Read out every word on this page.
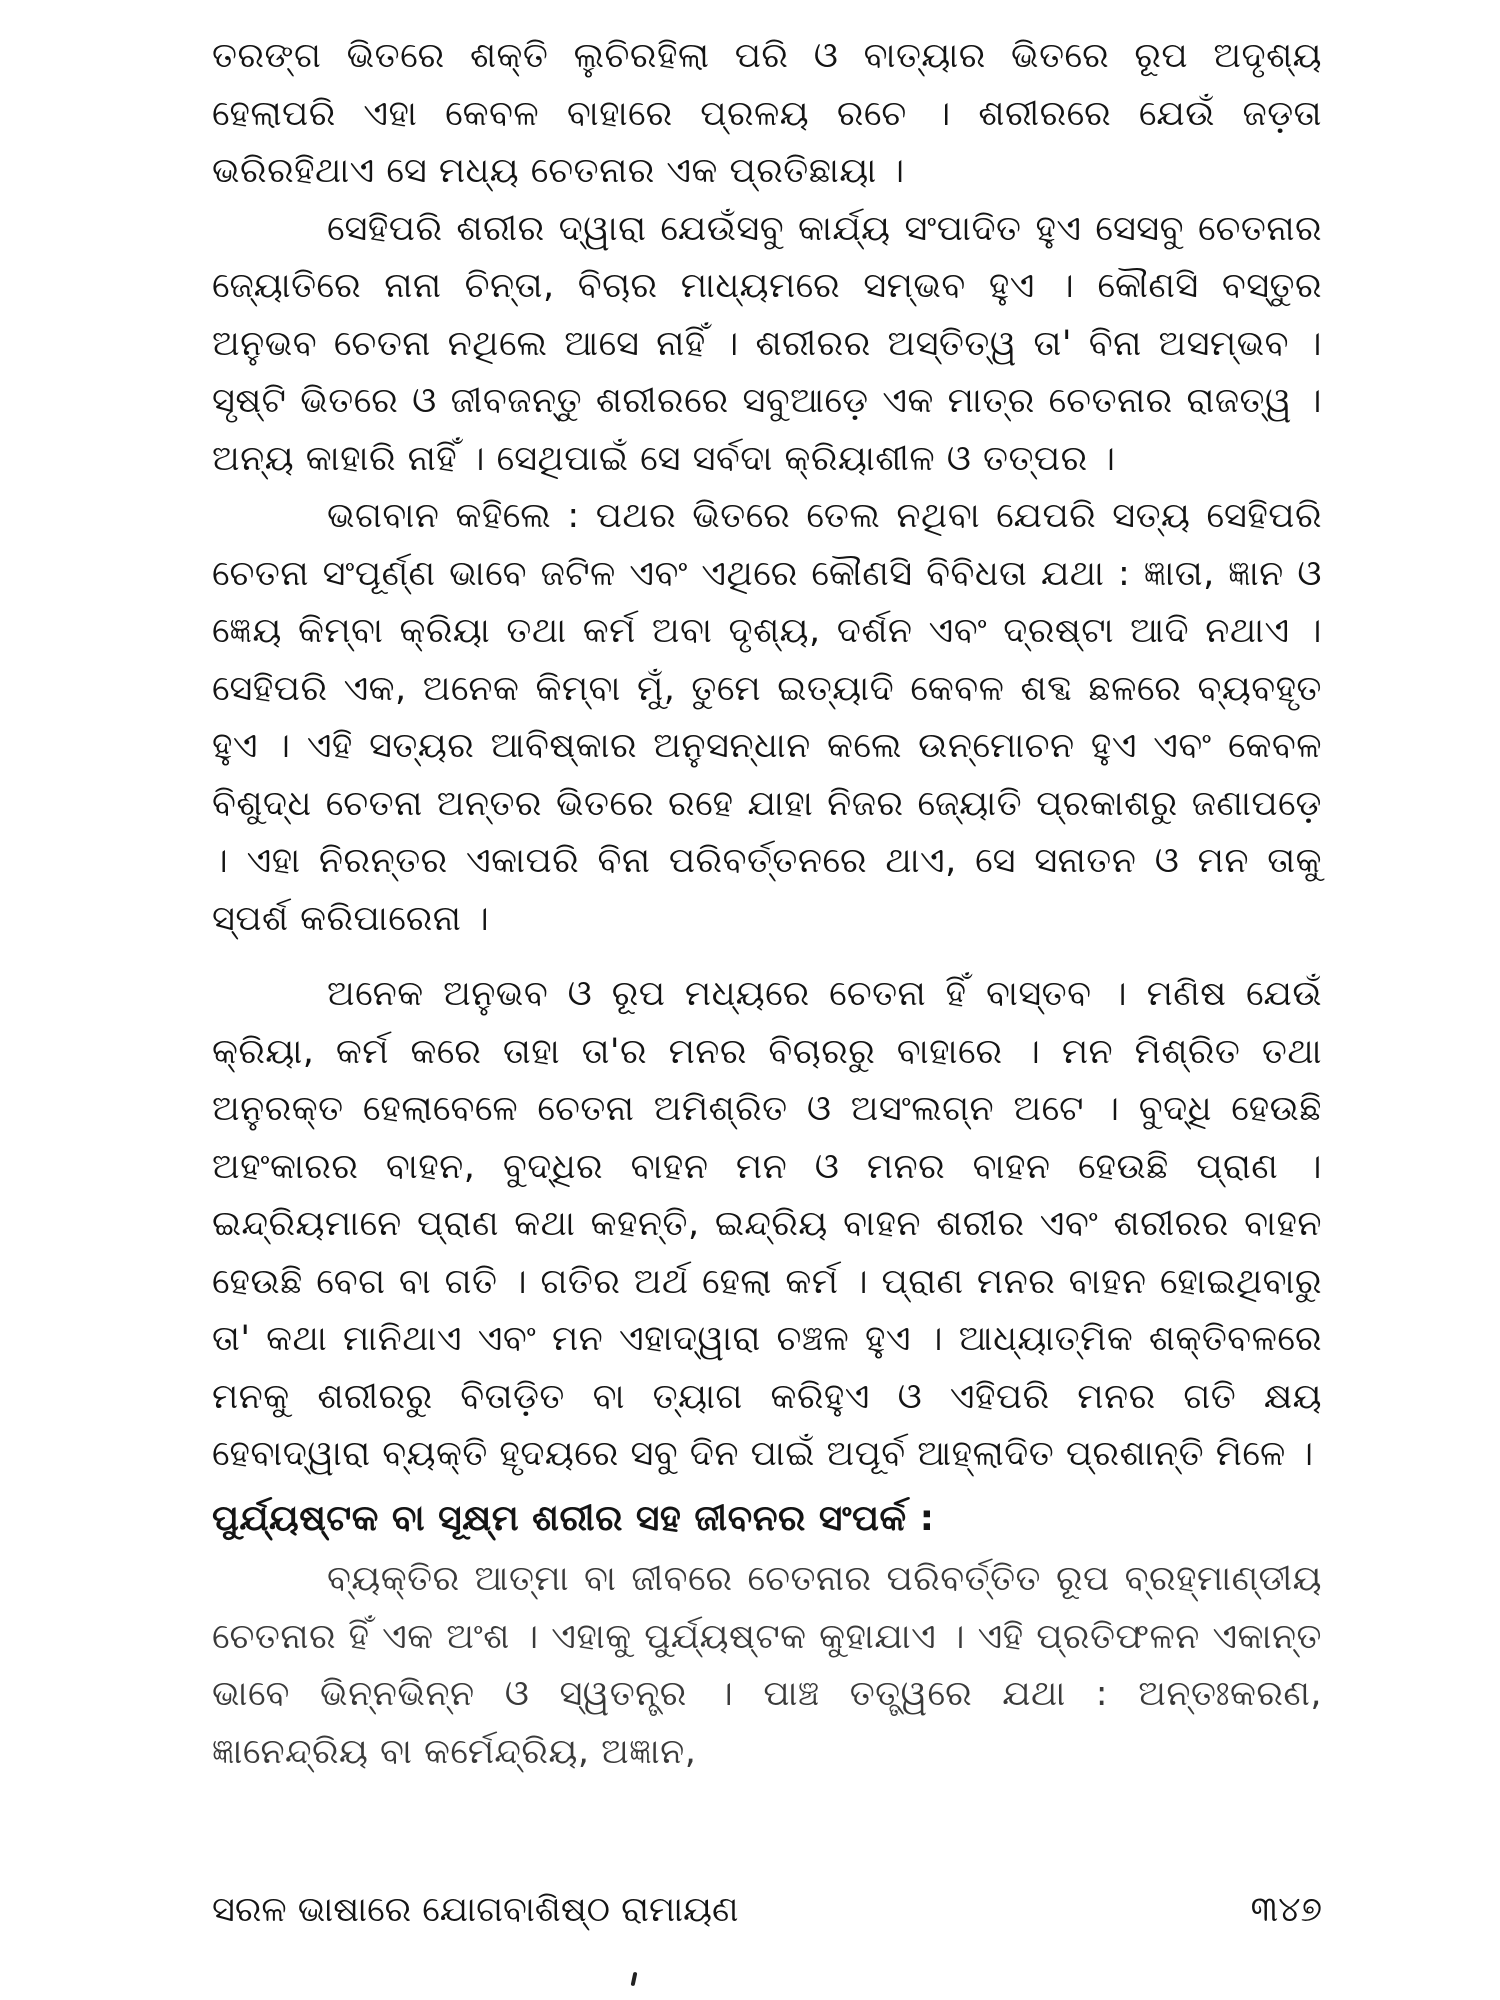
ତରଙ୍ଗ ଭିତରେ ଶକ୍ତି ଲୁଚିରହିଲା ପରି ଓ ବାତ୍ୟାର ଭିତରେ ରୂପ ଅଦୃଶ୍ୟ ହେଲାପରି ଏହା କେବଳ ବାହାରେ ପ୍ରଳୟ ରଚେ । ଶରୀରରେ ଯେଉଁ ଜଡ଼ତା ଭରିରହିଥାଏ ସେ ମଧ୍ୟ ଚେତନାର ଏକ ପ୍ରତିଛାୟା ।

ସେହିପରି ଶରୀର ଦ୍ୱାରା ଯେଉଁସବୁ କାର୍ଯ୍ୟ ସଂପାଦିତ ହୁଏ ସେସବୁ ଚେତନାର ଜ୍ୟୋତିରେ ନାନା ଚିନ୍ତା, ବିଚାର ମାଧ୍ୟମରେ ସମ୍ଭବ ହୁଏ । କୌଣସି ବସ୍ତୁର ଅନୁଭବ ଚେତନା ନଥିଲେ ଆସେ ନାହିଁ । ଶରୀରର ଅସ୍ତିତ୍ୱ ତା' ବିନା ଅସମ୍ଭବ । ସୃଷ୍ଟି ଭିତରେ ଓ ଜୀବଜନ୍ତୁ ଶରୀରରେ ସବୁଆଡ଼େ ଏକ ମାତ୍ର ଚେତନାର ରାଜତ୍ୱ । ଅନ୍ୟ କାହାରି ନାହିଁ । ସେଥିପାଇଁ ସେ ସର୍ବଦା କ୍ରିୟାଶୀଳ ଓ ତତ୍ପର ।

ଭଗବାନ କହିଲେ : ପଥର ଭିତରେ ତେଲ ନଥିବା ଯେପରି ସତ୍ୟ ସେହିପରି ଚେତନା ସଂପୂର୍ଣ୍ଣ ଭାବେ ଜଟିଳ ଏବଂ ଏଥିରେ କୌଣସି ବିବିଧତା ଯଥା : ଜ୍ଞାତା, ଜ୍ଞାନ ଓ ଜ୍ଞେୟ କିମ୍ବା କ୍ରିୟା ତଥା କର୍ମ ଅବା ଦୃଶ୍ୟ, ଦର୍ଶନ ଏବଂ ଦ୍ରଷ୍ଟା ଆଦି ନଥାଏ । ସେହିପରି ଏକ, ଅନେକ କିମ୍ବା ମୁଁ, ତୁମେ ଇତ୍ୟାଦି କେବଳ ଶବ୍ଦ ଛଳରେ ବ୍ୟବହୃତ ହୁଏ । ଏହି ସତ୍ୟର ଆବିଷ୍କାର ଅନୁସନ୍ଧାନ କଲେ ଉନ୍ମୋଚନ ହୁଏ ଏବଂ କେବଳ ବିଶୁଦ୍ଧ ଚେତନା ଅନ୍ତର ଭିତରେ ରହେ ଯାହା ନିଜର ଜ୍ୟୋତି ପ୍ରକାଶରୁ ଜଣାପଡ଼େ । ଏହା ନିରନ୍ତର ଏକାପରି ବିନା ପରିବର୍ତ୍ତନରେ ଥାଏ, ସେ ସନାତନ ଓ ମନ ତାକୁ ସ୍ପର୍ଶ କରିପାରେନା ।

ଅନେକ ଅନୁଭବ ଓ ରୂପ ମଧ୍ୟରେ ଚେତନା ହିଁ ବାସ୍ତବ । ମଣିଷ ଯେଉଁ କ୍ରିୟା, କର୍ମ କରେ ତାହା ତା'ର ମନର ବିଚାରରୁ ବାହାରେ । ମନ ମିଶ୍ରିତ ତଥା ଅନୁରକ୍ତ ହେଲାବେଳେ ଚେତନା ଅମିଶ୍ରିତ ଓ ଅସଂଲଗ୍ନ ଅଟେ । ବୁଦ୍ଧି ହେଉଛି ଅହଂକାରର ବାହନ, ବୁଦ୍ଧିର ବାହନ ମନ ଓ ମନର ବାହନ ହେଉଛି ପ୍ରାଣ । ଇନ୍ଦ୍ରିୟମାନେ ପ୍ରାଣ କଥା କହନ୍ତି, ଇନ୍ଦ୍ରିୟ ବାହନ ଶରୀର ଏବଂ ଶରୀରର ବାହନ ହେଉଛି ବେଗ ବା ଗତି । ଗତିର ଅର୍ଥ ହେଲା କର୍ମ । ପ୍ରାଣ ମନର ବାହନ ହୋଇଥିବାରୁ ତା' କଥା ମାନିଥାଏ ଏବଂ ମନ ଏହାଦ୍ୱାରା ଚଞ୍ଚଳ ହୁଏ । ଆଧ୍ୟାତ୍ମିକ ଶକ୍ତିବଳରେ ମନକୁ ଶରୀରରୁ ବିତାଡ଼ିତ ବା ତ୍ୟାଗ କରିହୁଏ ଓ ଏହିପରି ମନର ଗତି କ୍ଷୟ ହେବାଦ୍ୱାରା ବ୍ୟକ୍ତି ହୃଦୟରେ ସବୁ ଦିନ ପାଇଁ ଅପୂର୍ବ ଆହ୍ଲାଦିତ ପ୍ରଶାନ୍ତି ମିଳେ ।

ପୁର୍ଯ୍ୟଷ୍ଟକ ବା ସୂକ୍ଷ୍ମ ଶରୀର ସହ ଜୀବନର ସଂପର୍କ :

ବ୍ୟକ୍ତିର ଆତ୍ମା ବା ଜୀବରେ ଚେତନାର ପରିବର୍ତ୍ତିତ ରୂପ ବ୍ରହ୍ମାଣ୍ଡୀୟ ଚେତନାର ହିଁ ଏକ ଅଂଶ । ଏହାକୁ ପୁର୍ଯ୍ୟଷ୍ଟକ କୁହାଯାଏ । ଏହି ପ୍ରତିଫଳନ ଏକାନ୍ତ ଭାବେ ଭିନ୍ନଭିନ୍ନ ଓ ସ୍ୱତନ୍ତ୍ର । ପାଞ୍ଚ ତତ୍ତ୍ୱରେ ଯଥା : ଅନ୍ତଃକରଣ, ଜ୍ଞାନେନ୍ଦ୍ରିୟ ବା କର୍ମେନ୍ଦ୍ରିୟ, ଅଜ୍ଞାନ,

ସରଳ ଭାଷାରେ ଯୋଗବାଶିଷ୍ଠ ରାମାୟଣ	୩୪୭
